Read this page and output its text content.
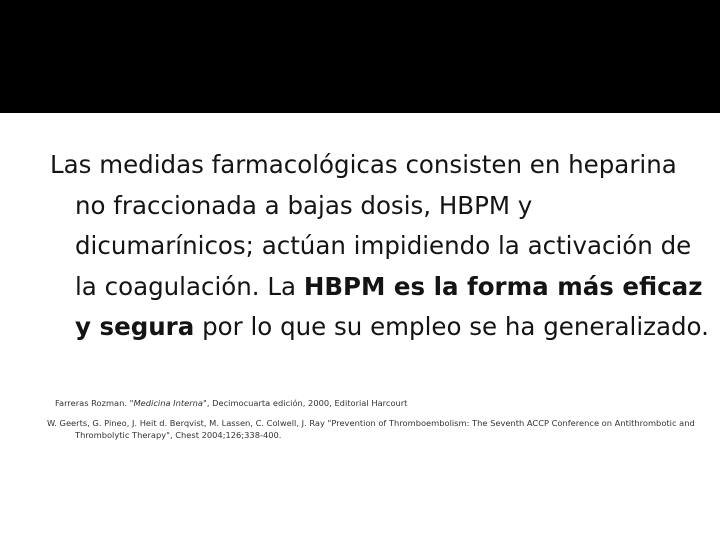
Las medidas farmacológicas consisten en heparina no fraccionada a bajas dosis, HBPM y dicumarínicos; actúan impidiendo la activación de la coagulación. La HBPM es la forma más eficaz y segura por lo que su empleo se ha generalizado.

Farreras Rozman. "Medicina Interna", Decimocuarta edición, 2000, Editorial Harcourt

W. Geerts, G. Pineo, J. Heit d. Berqvist, M. Lassen, C. Colwell, J. Ray "Prevention of Thromboembolism: The Seventh ACCP Conference on Antithrombotic and Thrombolytic Therapy", Chest 2004;126;338-400.
